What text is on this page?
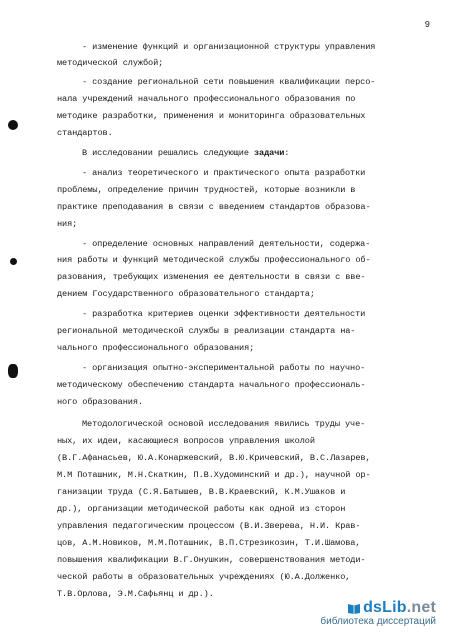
9
- изменение функций и организационной структуры управления
методической службой;
- создание региональной сети повышения квалификации персо-
нала учреждений начального профессионального образования по
методике разработки, применения и мониторинга образовательных
стандартов.
В исследовании решались следующие задачи:
- анализ теоретического и практического опыта разработки
проблемы, определение причин трудностей, которые возникли в
практике преподавания в связи с введением стандартов образова-
ния;
- определение основных направлений деятельности, содержа-
ния работы и функций методической службы профессионального об-
разования, требующих изменения ее деятельности в связи с вве-
дением Государственного образовательного стандарта;
- разработка критериев оценки эффективности деятельности
региональной методической службы в реализации стандарта на-
чального профессионального образования;
- организация опытно-экспериментальной работы по научно-
методическому обеспечению стандарта начального профессиональ-
ного образования.
Методологической основой исследования явились труды уче-
ных, их идеи, касающиеся вопросов управления школой
(В.Г.Афанасьев, Ю.А.Конаржевский, В.Ю.Кричевский, В.С.Лазарев,
М.М Поташник, М.Н.Скаткин, П.В.Худоминский и др.), научной ор-
ганизации труда (С.Я.Батышев, В.В.Краевский, К.М.Ушаков и
др.), организации методической работы как одной из сторон
управления педагогическим процессом (В.И.Зверева, Н.И. Крав-
цов, А.М.Новиков, М.М.Поташник, В.П.Стрезикозин, Т.И.Шамова,
повышения квалификации В.Г.Онушкин, совершенствования методи-
ческой работы в образовательных учреждениях (Ю.А.Долженко,
Т.В.Орлова, Э.М.Сафьянц и др.).
dsLib.net
библиотека диссертаций
